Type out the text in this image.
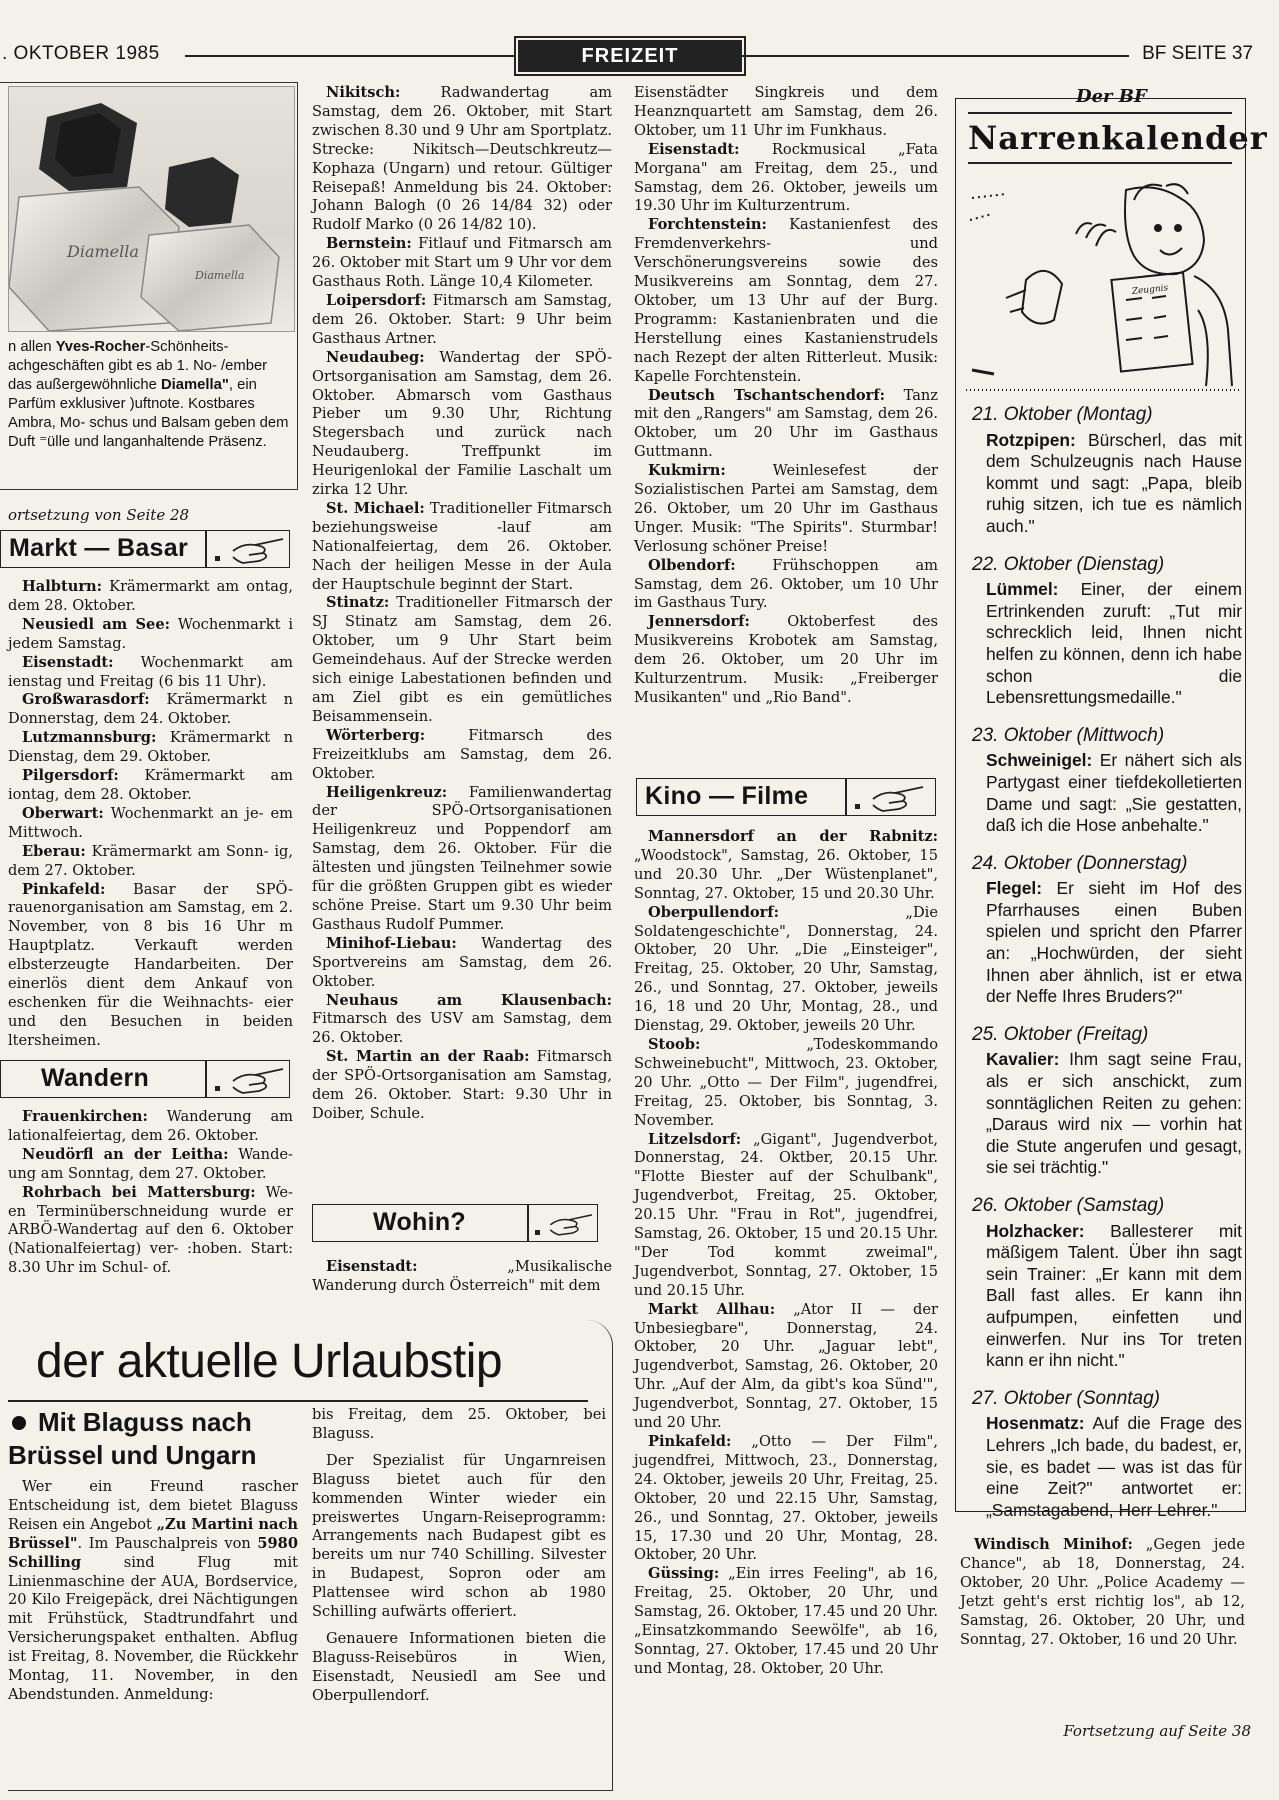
. OKTOBER 1985	FREIZEIT	BF SEITE 37
Diamella
Diamella
n allen Yves-Rocher-Schönheits- achgeschäften gibt es ab 1. No- /ember das außergewöhnliche Diamella", ein Parfüm exklusiver )uftnote. Kostbares Ambra, Mo- schus und Balsam geben dem Duft ⁼ülle und langanhaltende Präsenz.
ortsetzung von Seite 28
Markt — Basar

Halbturn: Krämermarkt am ontag, dem 28. Oktober.

Neusiedl am See: Wochenmarkt i jedem Samstag.

Eisenstadt: Wochenmarkt am ienstag und Freitag (6 bis 11 Uhr).

Großwarasdorf: Krämermarkt n Donnerstag, dem 24. Oktober.

Lutzmannsburg: Krämermarkt n Dienstag, dem 29. Oktober.

Pilgersdorf: Krämermarkt am iontag, dem 28. Oktober.

Oberwart: Wochenmarkt an je- em Mittwoch.

Eberau: Krämermarkt am Sonn- ig, dem 27. Oktober.

Pinkafeld: Basar der SPÖ- rauenorganisation am Samstag, em 2. November, von 8 bis 16 Uhr m Hauptplatz. Verkauft werden elbsterzeugte Handarbeiten. Der einerlös dient dem Ankauf von eschenken für die Weihnachts- eier und den Besuchen in beiden ltersheimen.

Wandern

Frauenkirchen: Wanderung am lationalfeiertag, dem 26. Oktober.

Neudörfl an der Leitha: Wande- ung am Sonntag, dem 27. Oktober.

Rohrbach bei Mattersburg: We- en Terminüberschneidung wurde er ARBÖ-Wandertag auf den 6. Oktober (Nationalfeiertag) ver- :hoben. Start: 8.30 Uhr im Schul- of.

Nikitsch: Radwandertag am Samstag, dem 26. Oktober, mit Start zwischen 8.30 und 9 Uhr am Sportplatz. Strecke: Nikitsch—Deutschkreutz—Kophaza (Ungarn) und retour. Gültiger Reisepaß! Anmeldung bis 24. Oktober: Johann Balogh (0 26 14/84 32) oder Rudolf Marko (0 26 14/82 10).

Bernstein: Fitlauf und Fitmarsch am 26. Oktober mit Start um 9 Uhr vor dem Gasthaus Roth. Länge 10,4 Kilometer.

Loipersdorf: Fitmarsch am Samstag, dem 26. Oktober. Start: 9 Uhr beim Gasthaus Artner.

Neudaubeg: Wandertag der SPÖ-Ortsorganisation am Samstag, dem 26. Oktober. Abmarsch vom Gasthaus Pieber um 9.30 Uhr, Richtung Stegersbach und zurück nach Neudauberg. Treffpunkt im Heurigenlokal der Familie Laschalt um zirka 12 Uhr.

St. Michael: Traditioneller Fitmarsch beziehungsweise -lauf am Nationalfeiertag, dem 26. Oktober. Nach der heiligen Messe in der Aula der Hauptschule beginnt der Start.

Stinatz: Traditioneller Fitmarsch der SJ Stinatz am Samstag, dem 26. Oktober, um 9 Uhr Start beim Gemeindehaus. Auf der Strecke werden sich einige Labestationen befinden und am Ziel gibt es ein gemütliches Beisammensein.

Wörterberg: Fitmarsch des Freizeitklubs am Samstag, dem 26. Oktober.

Heiligenkreuz: Familienwandertag der SPÖ-Ortsorganisationen Heiligenkreuz und Poppendorf am Samstag, dem 26. Oktober. Für die ältesten und jüngsten Teilnehmer sowie für die größten Gruppen gibt es wieder schöne Preise. Start um 9.30 Uhr beim Gasthaus Rudolf Pummer.

Minihof-Liebau: Wandertag des Sportvereins am Samstag, dem 26. Oktober.

Neuhaus am Klausenbach: Fitmarsch des USV am Samstag, dem 26. Oktober.

St. Martin an der Raab: Fitmarsch der SPÖ-Ortsorganisation am Samstag, dem 26. Oktober. Start: 9.30 Uhr in Doiber, Schule.

Wohin?

Eisenstadt: „Musikalische Wanderung durch Österreich" mit dem

Eisenstädter Singkreis und dem Heanznquartett am Samstag, dem 26. Oktober, um 11 Uhr im Funkhaus.

Eisenstadt: Rockmusical „Fata Morgana" am Freitag, dem 25., und Samstag, dem 26. Oktober, jeweils um 19.30 Uhr im Kulturzentrum.

Forchtenstein: Kastanienfest des Fremdenverkehrs- und Verschönerungsvereins sowie des Musikvereins am Sonntag, dem 27. Oktober, um 13 Uhr auf der Burg. Programm: Kastanienbraten und die Herstellung eines Kastanienstrudels nach Rezept der alten Ritterleut. Musik: Kapelle Forchtenstein.

Deutsch Tschantschendorf: Tanz mit den „Rangers" am Samstag, dem 26. Oktober, um 20 Uhr im Gasthaus Guttmann.

Kukmirn: Weinlesefest der Sozialistischen Partei am Samstag, dem 26. Oktober, um 20 Uhr im Gasthaus Unger. Musik: "The Spirits". Sturmbar! Verlosung schöner Preise!

Olbendorf: Frühschoppen am Samstag, dem 26. Oktober, um 10 Uhr im Gasthaus Tury.

Jennersdorf: Oktoberfest des Musikvereins Krobotek am Samstag, dem 26. Oktober, um 20 Uhr im Kulturzentrum. Musik: „Freiberger Musikanten" und „Rio Band".

Kino — Filme

Mannersdorf an der Rabnitz: „Woodstock", Samstag, 26. Oktober, 15 und 20.30 Uhr. „Der Wüstenplanet", Sonntag, 27. Oktober, 15 und 20.30 Uhr.

Oberpullendorf: „Die Soldatengeschichte", Donnerstag, 24. Oktober, 20 Uhr. „Die „Einsteiger", Freitag, 25. Oktober, 20 Uhr, Samstag, 26., und Sonntag, 27. Oktober, jeweils 16, 18 und 20 Uhr, Montag, 28., und Dienstag, 29. Oktober, jeweils 20 Uhr.

Stoob: „Todeskommando Schweinebucht", Mittwoch, 23. Oktober, 20 Uhr. „Otto — Der Film", jugendfrei, Freitag, 25. Oktober, bis Sonntag, 3. November.

Litzelsdorf: „Gigant", Jugendverbot, Donnerstag, 24. Oktber, 20.15 Uhr. "Flotte Biester auf der Schulbank", Jugendverbot, Freitag, 25. Oktober, 20.15 Uhr. "Frau in Rot", jugendfrei, Samstag, 26. Oktober, 15 und 20.15 Uhr. "Der Tod kommt zweimal", Jugendverbot, Sonntag, 27. Oktober, 15 und 20.15 Uhr.

Markt Allhau: „Ator II — der Unbesiegbare", Donnerstag, 24. Oktober, 20 Uhr. „Jaguar lebt", Jugendverbot, Samstag, 26. Oktober, 20 Uhr. „Auf der Alm, da gibt's koa Sünd'", Jugendverbot, Sonntag, 27. Oktober, 15 und 20 Uhr.

Pinkafeld: „Otto — Der Film", jugendfrei, Mittwoch, 23., Donnerstag, 24. Oktober, jeweils 20 Uhr, Freitag, 25. Oktober, 20 und 22.15 Uhr, Samstag, 26., und Sonntag, 27. Oktober, jeweils 15, 17.30 und 20 Uhr, Montag, 28. Oktober, 20 Uhr.

Güssing: „Ein irres Feeling", ab 16, Freitag, 25. Oktober, 20 Uhr, und Samstag, 26. Oktober, 17.45 und 20 Uhr. „Einsatzkommando Seewölfe", ab 16, Sonntag, 27. Oktober, 17.45 und 20 Uhr und Montag, 28. Oktober, 20 Uhr.

Der BF
Narrenkalender
Zeugnis
21. Oktober (Montag)
Rotzpipen: Bürscherl, das mit dem Schulzeugnis nach Hause kommt und sagt: „Papa, bleib ruhig sitzen, ich tue es nämlich auch."
22. Oktober (Dienstag)
Lümmel: Einer, der einem Ertrinkenden zuruft: „Tut mir schrecklich leid, Ihnen nicht helfen zu können, denn ich habe schon die Lebensrettungsmedaille."
23. Oktober (Mittwoch)
Schweinigel: Er nähert sich als Partygast einer tiefdekolletierten Dame und sagt: „Sie gestatten, daß ich die Hose anbehalte."
24. Oktober (Donnerstag)
Flegel: Er sieht im Hof des Pfarrhauses einen Buben spielen und spricht den Pfarrer an: „Hochwürden, der sieht Ihnen aber ähnlich, ist er etwa der Neffe Ihres Bruders?"
25. Oktober (Freitag)
Kavalier: Ihm sagt seine Frau, als er sich anschickt, zum sonntäglichen Reiten zu gehen: „Daraus wird nix — vorhin hat die Stute angerufen und gesagt, sie sei trächtig."
26. Oktober (Samstag)
Holzhacker: Ballesterer mit mäßigem Talent. Über ihn sagt sein Trainer: „Er kann mit dem Ball fast alles. Er kann ihn aufpumpen, einfetten und einwerfen. Nur ins Tor treten kann er ihn nicht."
27. Oktober (Sonntag)
Hosenmatz: Auf die Frage des Lehrers „Ich bade, du badest, er, sie, es badet — was ist das für eine Zeit?" antwortet er: „Samstagabend, Herr Lehrer."

Windisch Minihof: „Gegen jede Chance", ab 18, Donnerstag, 24. Oktober, 20 Uhr. „Police Academy — Jetzt geht's erst richtig los", ab 12, Samstag, 26. Oktober, 20 Uhr, und Sonntag, 27. Oktober, 16 und 20 Uhr.

Fortsetzung auf Seite 38
der aktuelle Urlaubstip
Mit Blaguss nach Brüssel und Ungarn

Wer ein Freund rascher Entscheidung ist, dem bietet Blaguss Reisen ein Angebot „Zu Martini nach Brüssel". Im Pauschalpreis von 5980 Schilling sind Flug mit Linienmaschine der AUA, Bordservice, 20 Kilo Freigepäck, drei Nächtigungen mit Frühstück, Stadtrundfahrt und Versicherungspaket enthalten. Abflug ist Freitag, 8. November, die Rückkehr Montag, 11. November, in den Abendstunden. Anmeldung:

bis Freitag, dem 25. Oktober, bei Blaguss.

Der Spezialist für Ungarnreisen Blaguss bietet auch für den kommenden Winter wieder ein preiswertes Ungarn-Reiseprogramm: Arrangements nach Budapest gibt es bereits um nur 740 Schilling. Silvester in Budapest, Sopron oder am Plattensee wird schon ab 1980 Schilling aufwärts offeriert.

Genauere Informationen bieten die Blaguss-Reisebüros in Wien, Eisenstadt, Neusiedl am See und Oberpullendorf.
